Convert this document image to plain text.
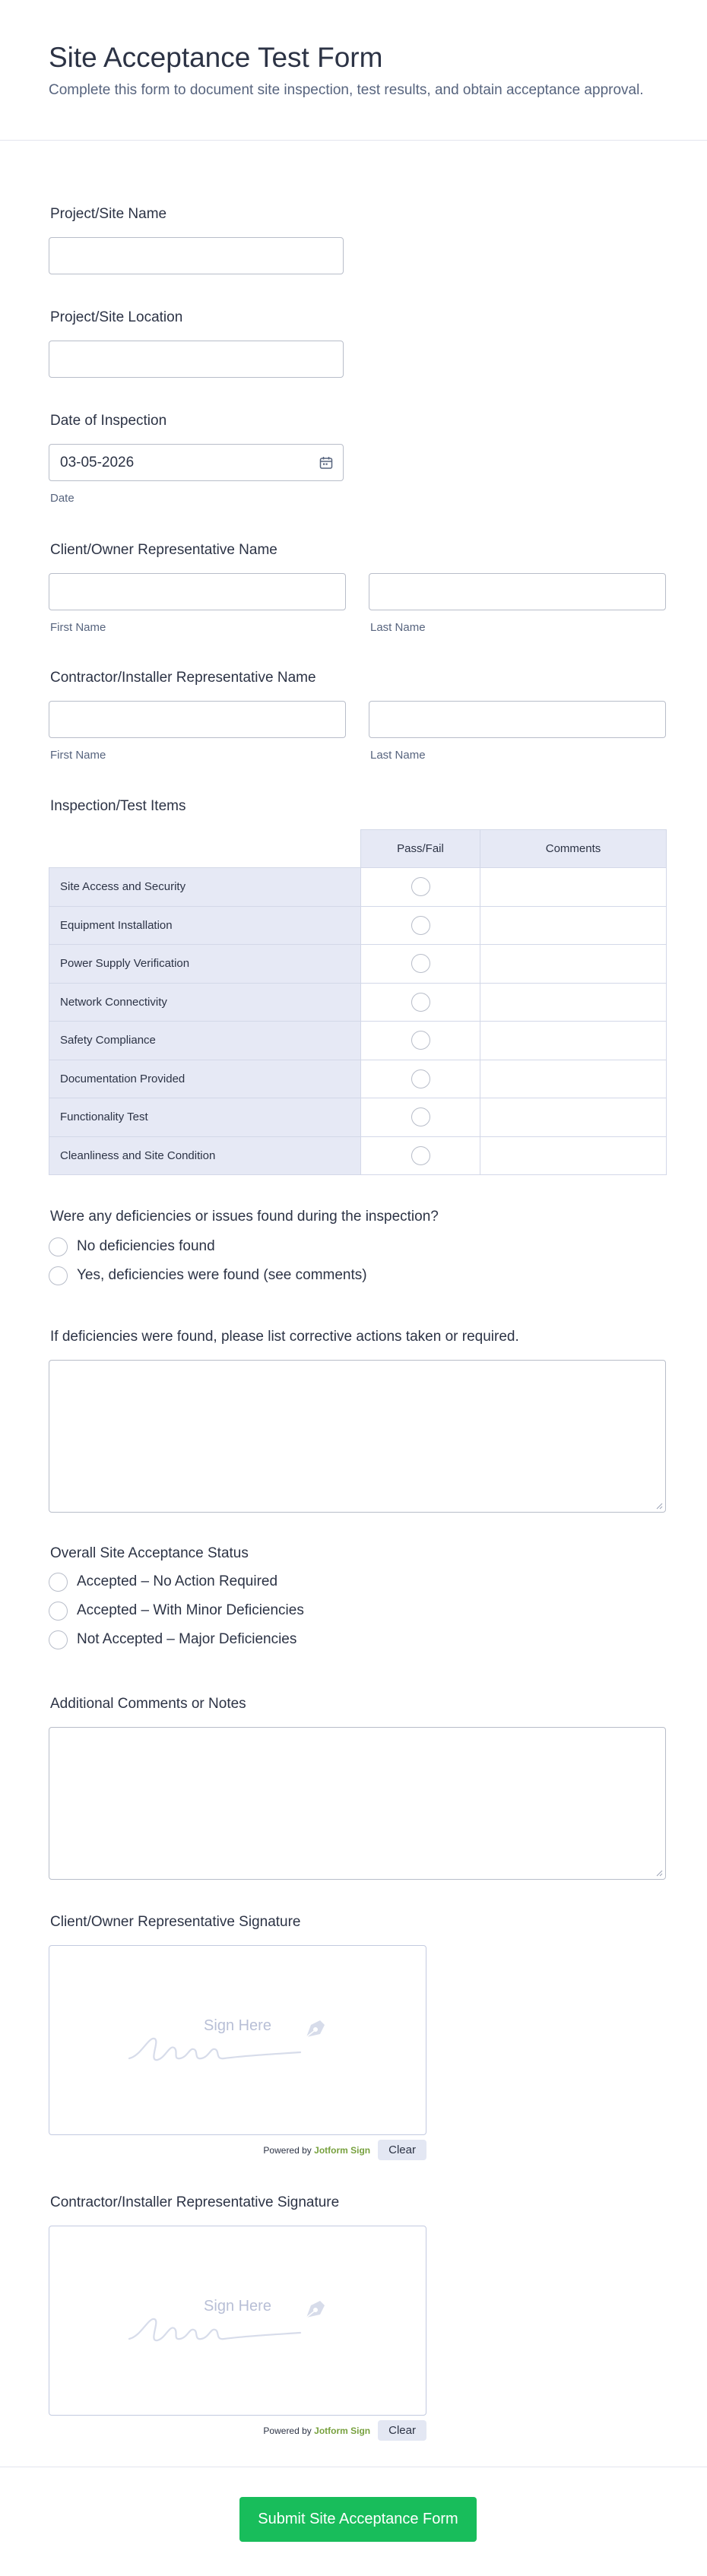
Site Acceptance Test Form

Complete this form to document site inspection, test results, and obtain acceptance approval.

Project/Site Name
Project/Site Location
Date of Inspection
03-05-2026
Date
Client/Owner Representative Name
First Name	Last Name
Contractor/Installer Representative Name
First Name	Last Name
Inspection/Test Items
	Pass/Fail	Comments
Site Access and Security		
Equipment Installation		
Power Supply Verification		
Network Connectivity		
Safety Compliance		
Documentation Provided		
Functionality Test		
Cleanliness and Site Condition		
Were any deficiencies or issues found during the inspection?
No deficiencies found
Yes, deficiencies were found (see comments)
If deficiencies were found, please list corrective actions taken or required.
Overall Site Acceptance Status
Accepted – No Action Required
Accepted – With Minor Deficiencies
Not Accepted – Major Deficiencies
Additional Comments or Notes
Client/Owner Representative Signature
Sign Here
Powered by Jotform Sign	Clear
Contractor/Installer Representative Signature
Sign Here
Powered by Jotform Sign	Clear
Submit Site Acceptance Form
